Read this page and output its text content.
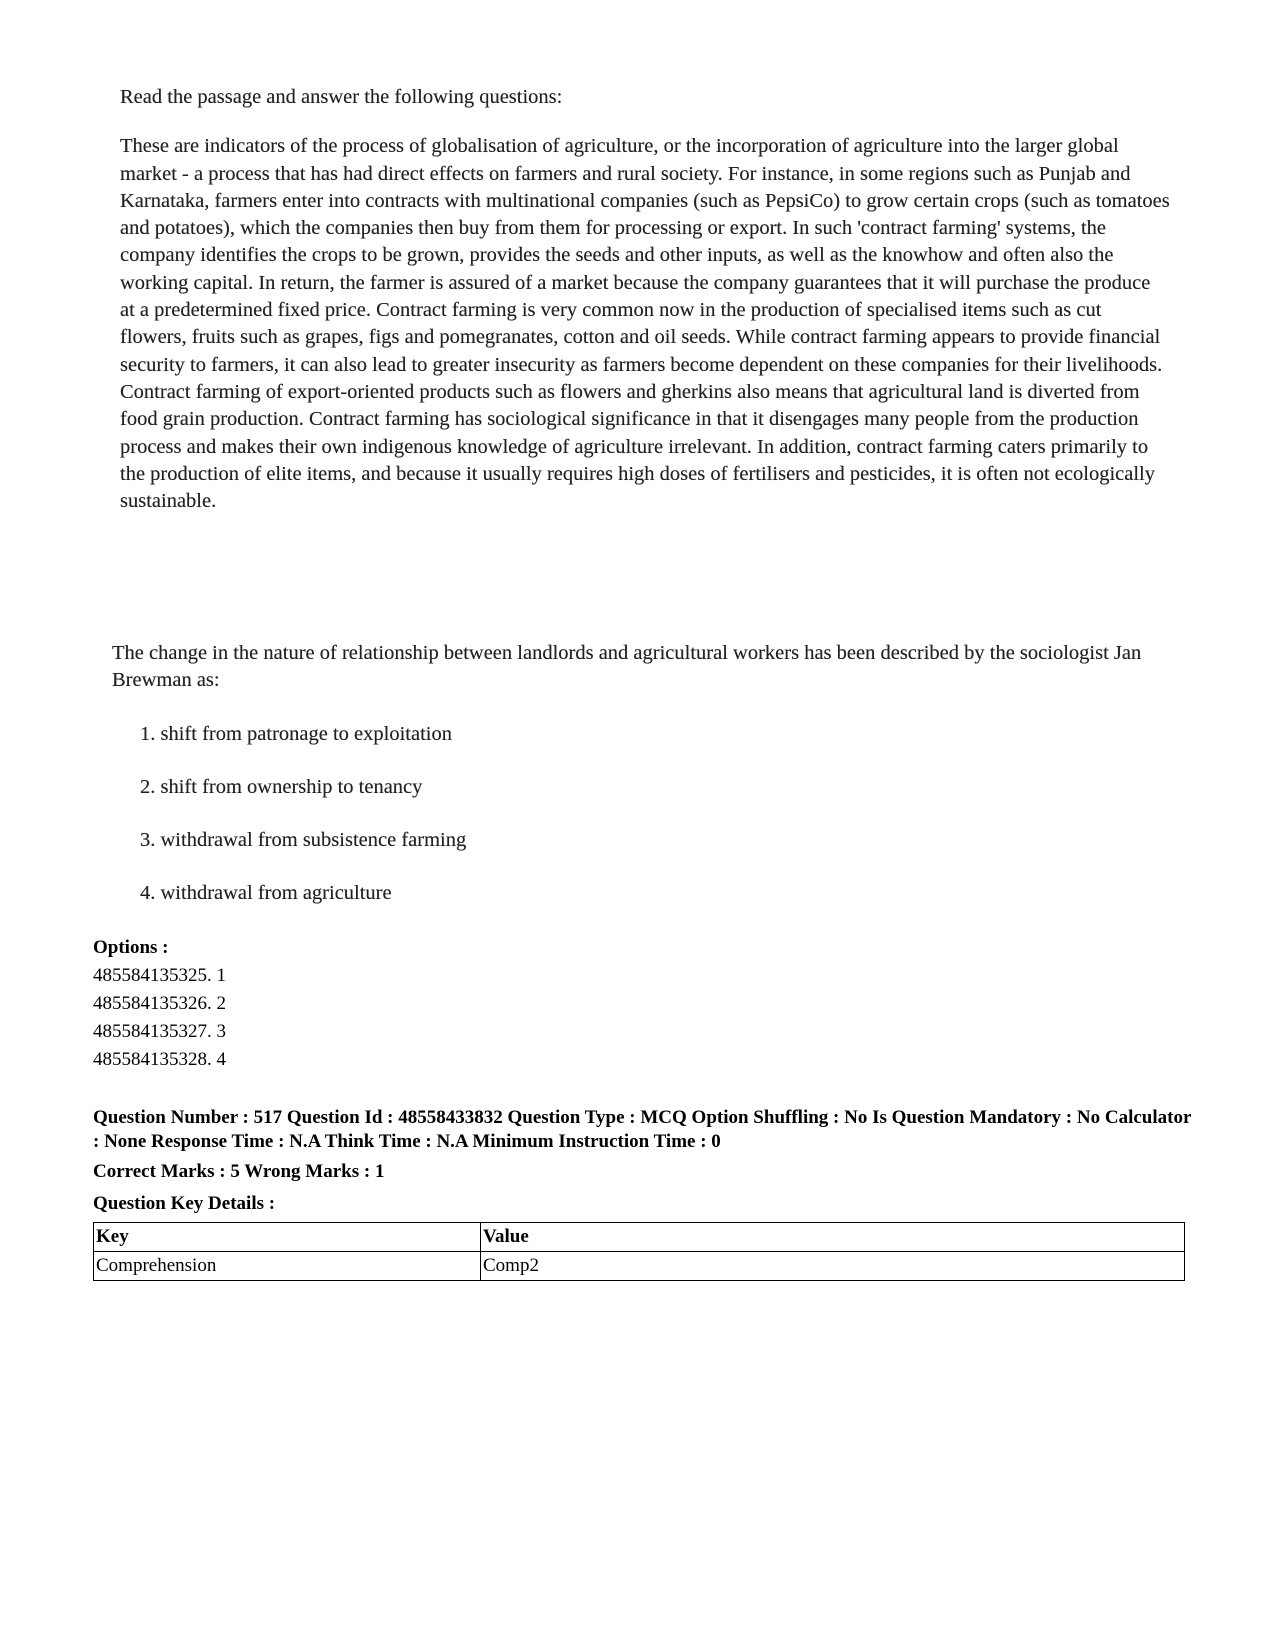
Read the passage and answer the following questions:

These are indicators of the process of globalisation of agriculture, or the incorporation of agriculture into the larger global market - a process that has had direct effects on farmers and rural society. For instance, in some regions such as Punjab and Karnataka, farmers enter into contracts with multinational companies (such as PepsiCo) to grow certain crops (such as tomatoes and potatoes), which the companies then buy from them for processing or export. In such 'contract farming' systems, the company identifies the crops to be grown, provides the seeds and other inputs, as well as the knowhow and often also the working capital. In return, the farmer is assured of a market because the company guarantees that it will purchase the produce at a predetermined fixed price. Contract farming is very common now in the production of specialised items such as cut flowers, fruits such as grapes, figs and pomegranates, cotton and oil seeds. While contract farming appears to provide financial security to farmers, it can also lead to greater insecurity as farmers become dependent on these companies for their livelihoods. Contract farming of export-oriented products such as flowers and gherkins also means that agricultural land is diverted from food grain production. Contract farming has sociological significance in that it disengages many people from the production process and makes their own indigenous knowledge of agriculture irrelevant. In addition, contract farming caters primarily to the production of elite items, and because it usually requires high doses of fertilisers and pesticides, it is often not ecologically sustainable.

The change in the nature of relationship between landlords and agricultural workers has been described by the sociologist Jan Brewman as:

1. shift from patronage to exploitation
2. shift from ownership to tenancy
3. withdrawal from subsistence farming
4. withdrawal from agriculture
Options :
485584135325. 1
485584135326. 2
485584135327. 3
485584135328. 4
Question Number : 517 Question Id : 48558433832 Question Type : MCQ Option Shuffling : No Is Question Mandatory : No Calculator : None Response Time : N.A Think Time : N.A Minimum Instruction Time : 0
Correct Marks : 5 Wrong Marks : 1
Question Key Details :
Key	Value
Comprehension	Comp2
